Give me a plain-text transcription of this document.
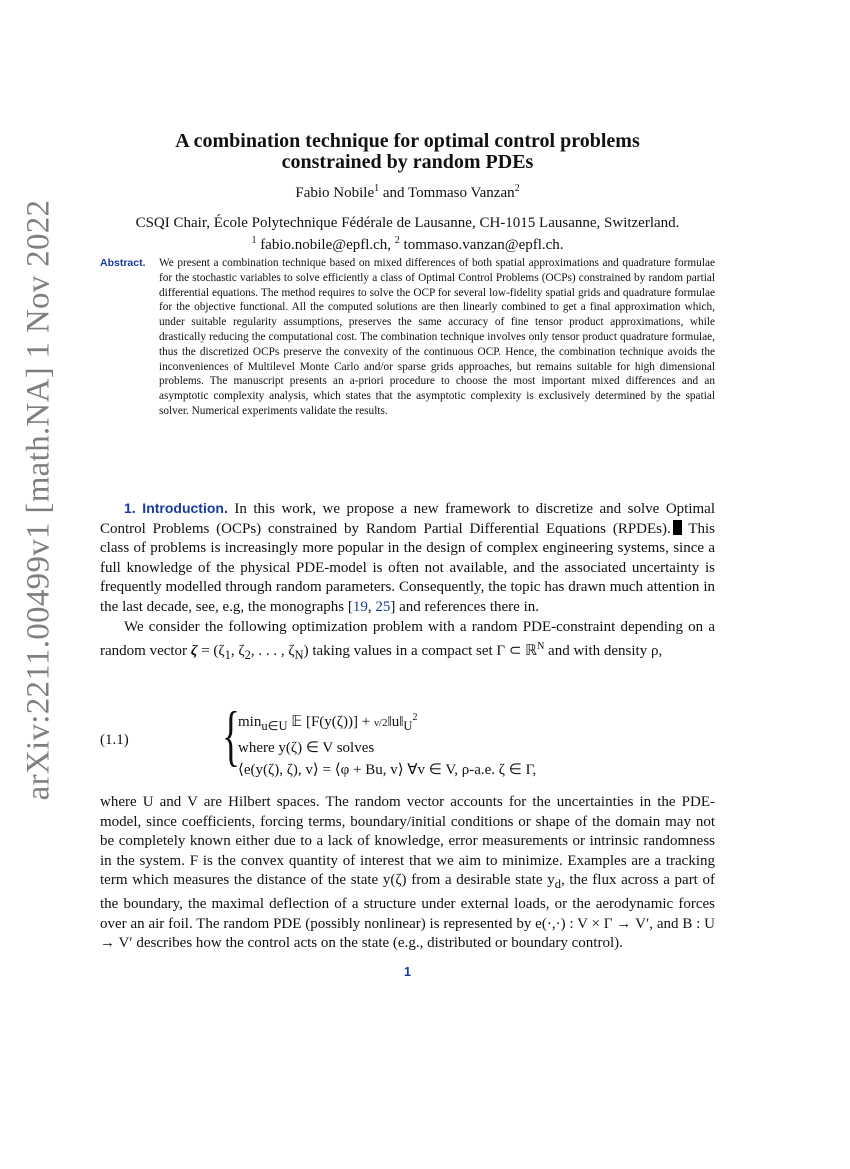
arXiv:2211.00499v1 [math.NA] 1 Nov 2022
A combination technique for optimal control problems
constrained by random PDEs
Fabio Nobile$^1$ and Tommaso Vanzan$^2$
CSQI Chair, École Polytechnique Fédérale de Lausanne, CH-1015 Lausanne, Switzerland.
$^1$ fabio.nobile@epfl.ch, $^2$ tommaso.vanzan@epfl.ch.
Abstract. We present a combination technique based on mixed differences of both spatial approximations and quadrature formulae for the stochastic variables to solve efficiently a class of Optimal Control Problems (OCPs) constrained by random partial differential equations. The method requires to solve the OCP for several low-fidelity spatial grids and quadrature formulae for the objective functional. All the computed solutions are then linearly combined to get a final approximation which, under suitable regularity assumptions, preserves the same accuracy of fine tensor product approximations, while drastically reducing the computational cost. The combination technique involves only tensor product quadrature formulae, thus the discretized OCPs preserve the convexity of the continuous OCP. Hence, the combination technique avoids the inconveniences of Multilevel Monte Carlo and/or sparse grids approaches, but remains suitable for high dimensional problems. The manuscript presents an a-priori procedure to choose the most important mixed differences and an asymptotic complexity analysis, which states that the asymptotic complexity is exclusively determined by the spatial solver. Numerical experiments validate the results.

1. Introduction. In this work, we propose a new framework to discretize and solve Optimal Control Problems (OCPs) constrained by Random Partial Differential Equations (RPDEs). This class of problems is increasingly more popular in the design of complex engineering systems, since a full knowledge of the physical PDE-model is often not available, and the associated uncertainty is frequently modelled through random parameters. Consequently, the topic has drawn much attention in the last decade, see, e.g, the monographs [19, 25] and references there in.

We consider the following optimization problem with a random PDE-constraint depending on a random vector $\zeta = (\zeta_1$, $\zeta_2$, . . . , $\zeta_N$) taking values in a compact set Γ ⊂ ℝ$^N$ and with density ρ,

(1.1) {
$\min_{u\in U}$ 𝔼 $[F(y(\zeta))] + \nu/2‖u‖_U^2$
where y(ζ) ∈ V solves
⟨e(y(ζ), ζ), v⟩ = ⟨φ + Bu, v⟩ ∀v ∈ V, ρ-a.e. ζ ∈ Γ,

where U and V are Hilbert spaces. The random vector accounts for the uncertainties in the PDE-model, since coefficients, forcing terms, boundary/initial conditions or shape of the domain may not be completely known either due to a lack of knowledge, error measurements or intrinsic randomness in the system. F is the convex quantity of interest that we aim to minimize. Examples are a tracking term which measures the distance of the state y(ζ) from a desirable state $y_d$, the flux across a part of the boundary, the maximal deflection of a structure under external loads, or the aerodynamic forces over an air foil. The random PDE (possibly nonlinear) is represented by e(·,·) : V × Γ → V′, and B : U → V′ describes how the control acts on the state (e.g., distributed or boundary control).

1
